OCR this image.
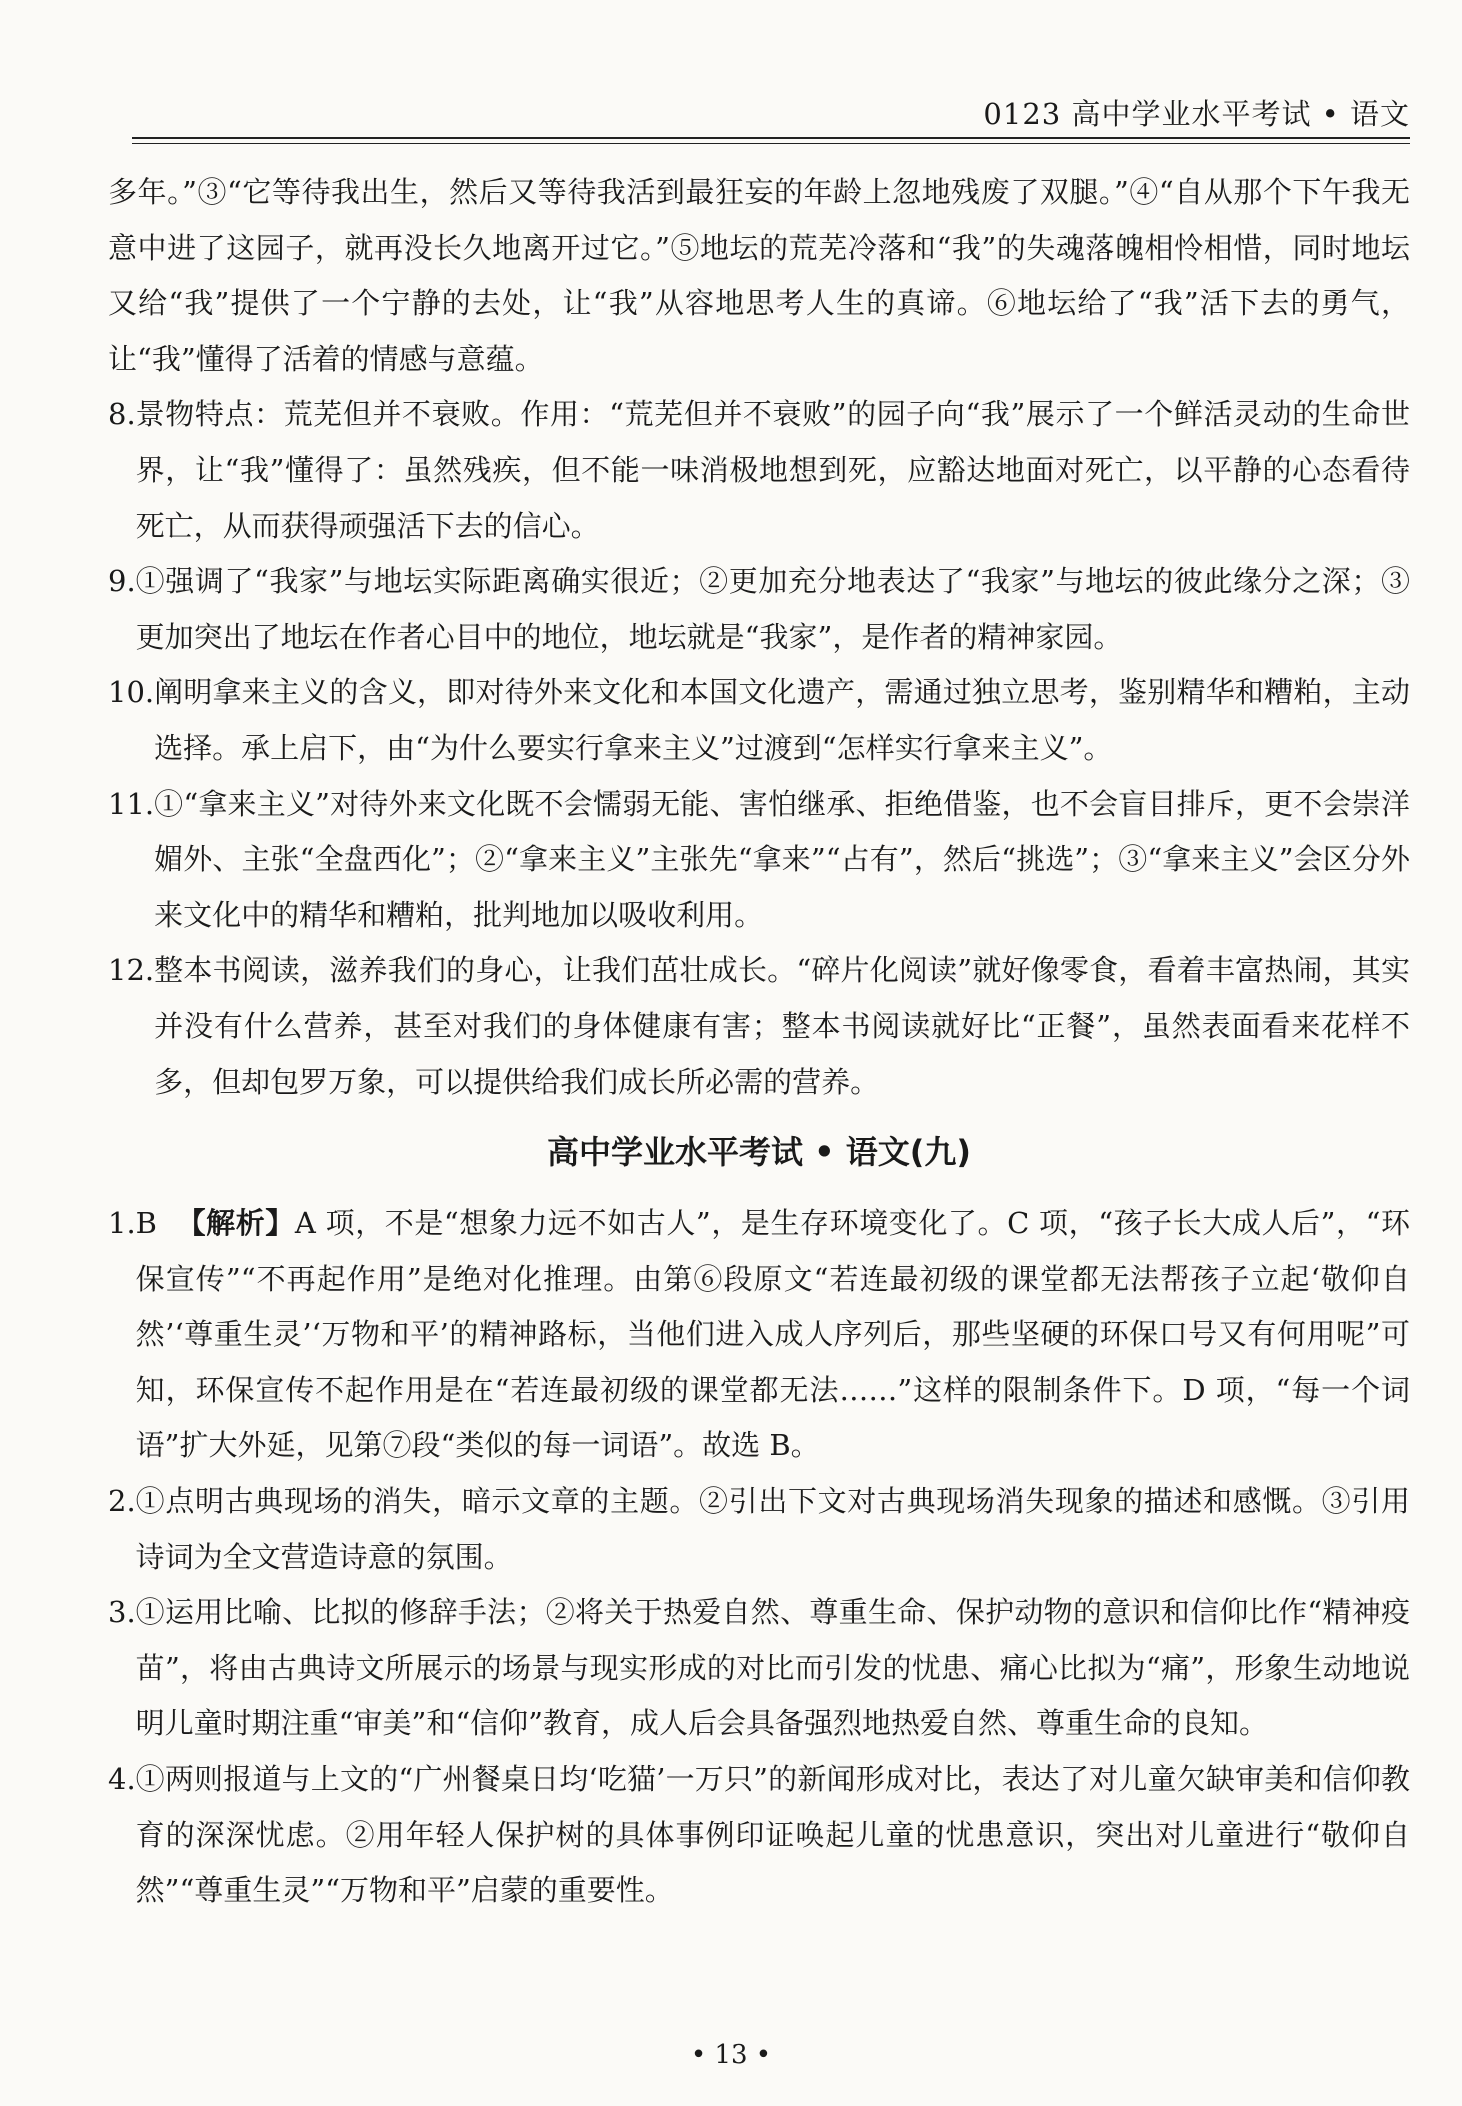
0123 高中学业水平考试 • 语文
多年。”③“它等待我出生，然后又等待我活到最狂妄的年龄上忽地残废了双腿。”④“自从那个下午我无意中进了这园子，就再没长久地离开过它。”⑤地坛的荒芜冷落和“我”的失魂落魄相怜相惜，同时地坛又给“我”提供了一个宁静的去处，让“我”从容地思考人生的真谛。⑥地坛给了“我”活下去的勇气，让“我”懂得了活着的情感与意蕴。
8. 景物特点：荒芜但并不衰败。作用：“荒芜但并不衰败”的园子向“我”展示了一个鲜活灵动的生命世界，让“我”懂得了：虽然残疾，但不能一味消极地想到死，应豁达地面对死亡，以平静的心态看待死亡，从而获得顽强活下去的信心。
9. ①强调了“我家”与地坛实际距离确实很近；②更加充分地表达了“我家”与地坛的彼此缘分之深；③更加突出了地坛在作者心目中的地位，地坛就是“我家”，是作者的精神家园。
10. 阐明拿来主义的含义，即对待外来文化和本国文化遗产，需通过独立思考，鉴别精华和糟粕，主动选择。承上启下，由“为什么要实行拿来主义”过渡到“怎样实行拿来主义”。
11. ①“拿来主义”对待外来文化既不会懦弱无能、害怕继承、拒绝借鉴，也不会盲目排斥，更不会崇洋媚外、主张“全盘西化”；②“拿来主义”主张先“拿来”“占有”，然后“挑选”；③“拿来主义”会区分外来文化中的精华和糟粕，批判地加以吸收利用。
12. 整本书阅读，滋养我们的身心，让我们茁壮成长。“碎片化阅读”就好像零食，看着丰富热闹，其实并没有什么营养，甚至对我们的身体健康有害；整本书阅读就好比“正餐”，虽然表面看来花样不多，但却包罗万象，可以提供给我们成长所必需的营养。
高中学业水平考试 • 语文(九)
1. B 【解析】A 项，不是“想象力远不如古人”，是生存环境变化了。C 项，“孩子长大成人后”，“环保宣传”“不再起作用”是绝对化推理。由第⑥段原文“若连最初级的课堂都无法帮孩子立起‘敬仰自然’‘尊重生灵’‘万物和平’的精神路标，当他们进入成人序列后，那些坚硬的环保口号又有何用呢”可知，环保宣传不起作用是在“若连最初级的课堂都无法……”这样的限制条件下。D 项，“每一个词语”扩大外延，见第⑦段“类似的每一词语”。故选 B。
2. ①点明古典现场的消失，暗示文章的主题。②引出下文对古典现场消失现象的描述和感慨。③引用诗词为全文营造诗意的氛围。
3. ①运用比喻、比拟的修辞手法；②将关于热爱自然、尊重生命、保护动物的意识和信仰比作“精神疫苗”，将由古典诗文所展示的场景与现实形成的对比而引发的忧患、痛心比拟为“痛”，形象生动地说明儿童时期注重“审美”和“信仰”教育，成人后会具备强烈地热爱自然、尊重生命的良知。
4. ①两则报道与上文的“广州餐桌日均‘吃猫’一万只”的新闻形成对比，表达了对儿童欠缺审美和信仰教育的深深忧虑。②用年轻人保护树的具体事例印证唤起儿童的忧患意识，突出对儿童进行“敬仰自然”“尊重生灵”“万物和平”启蒙的重要性。
• 13 •
